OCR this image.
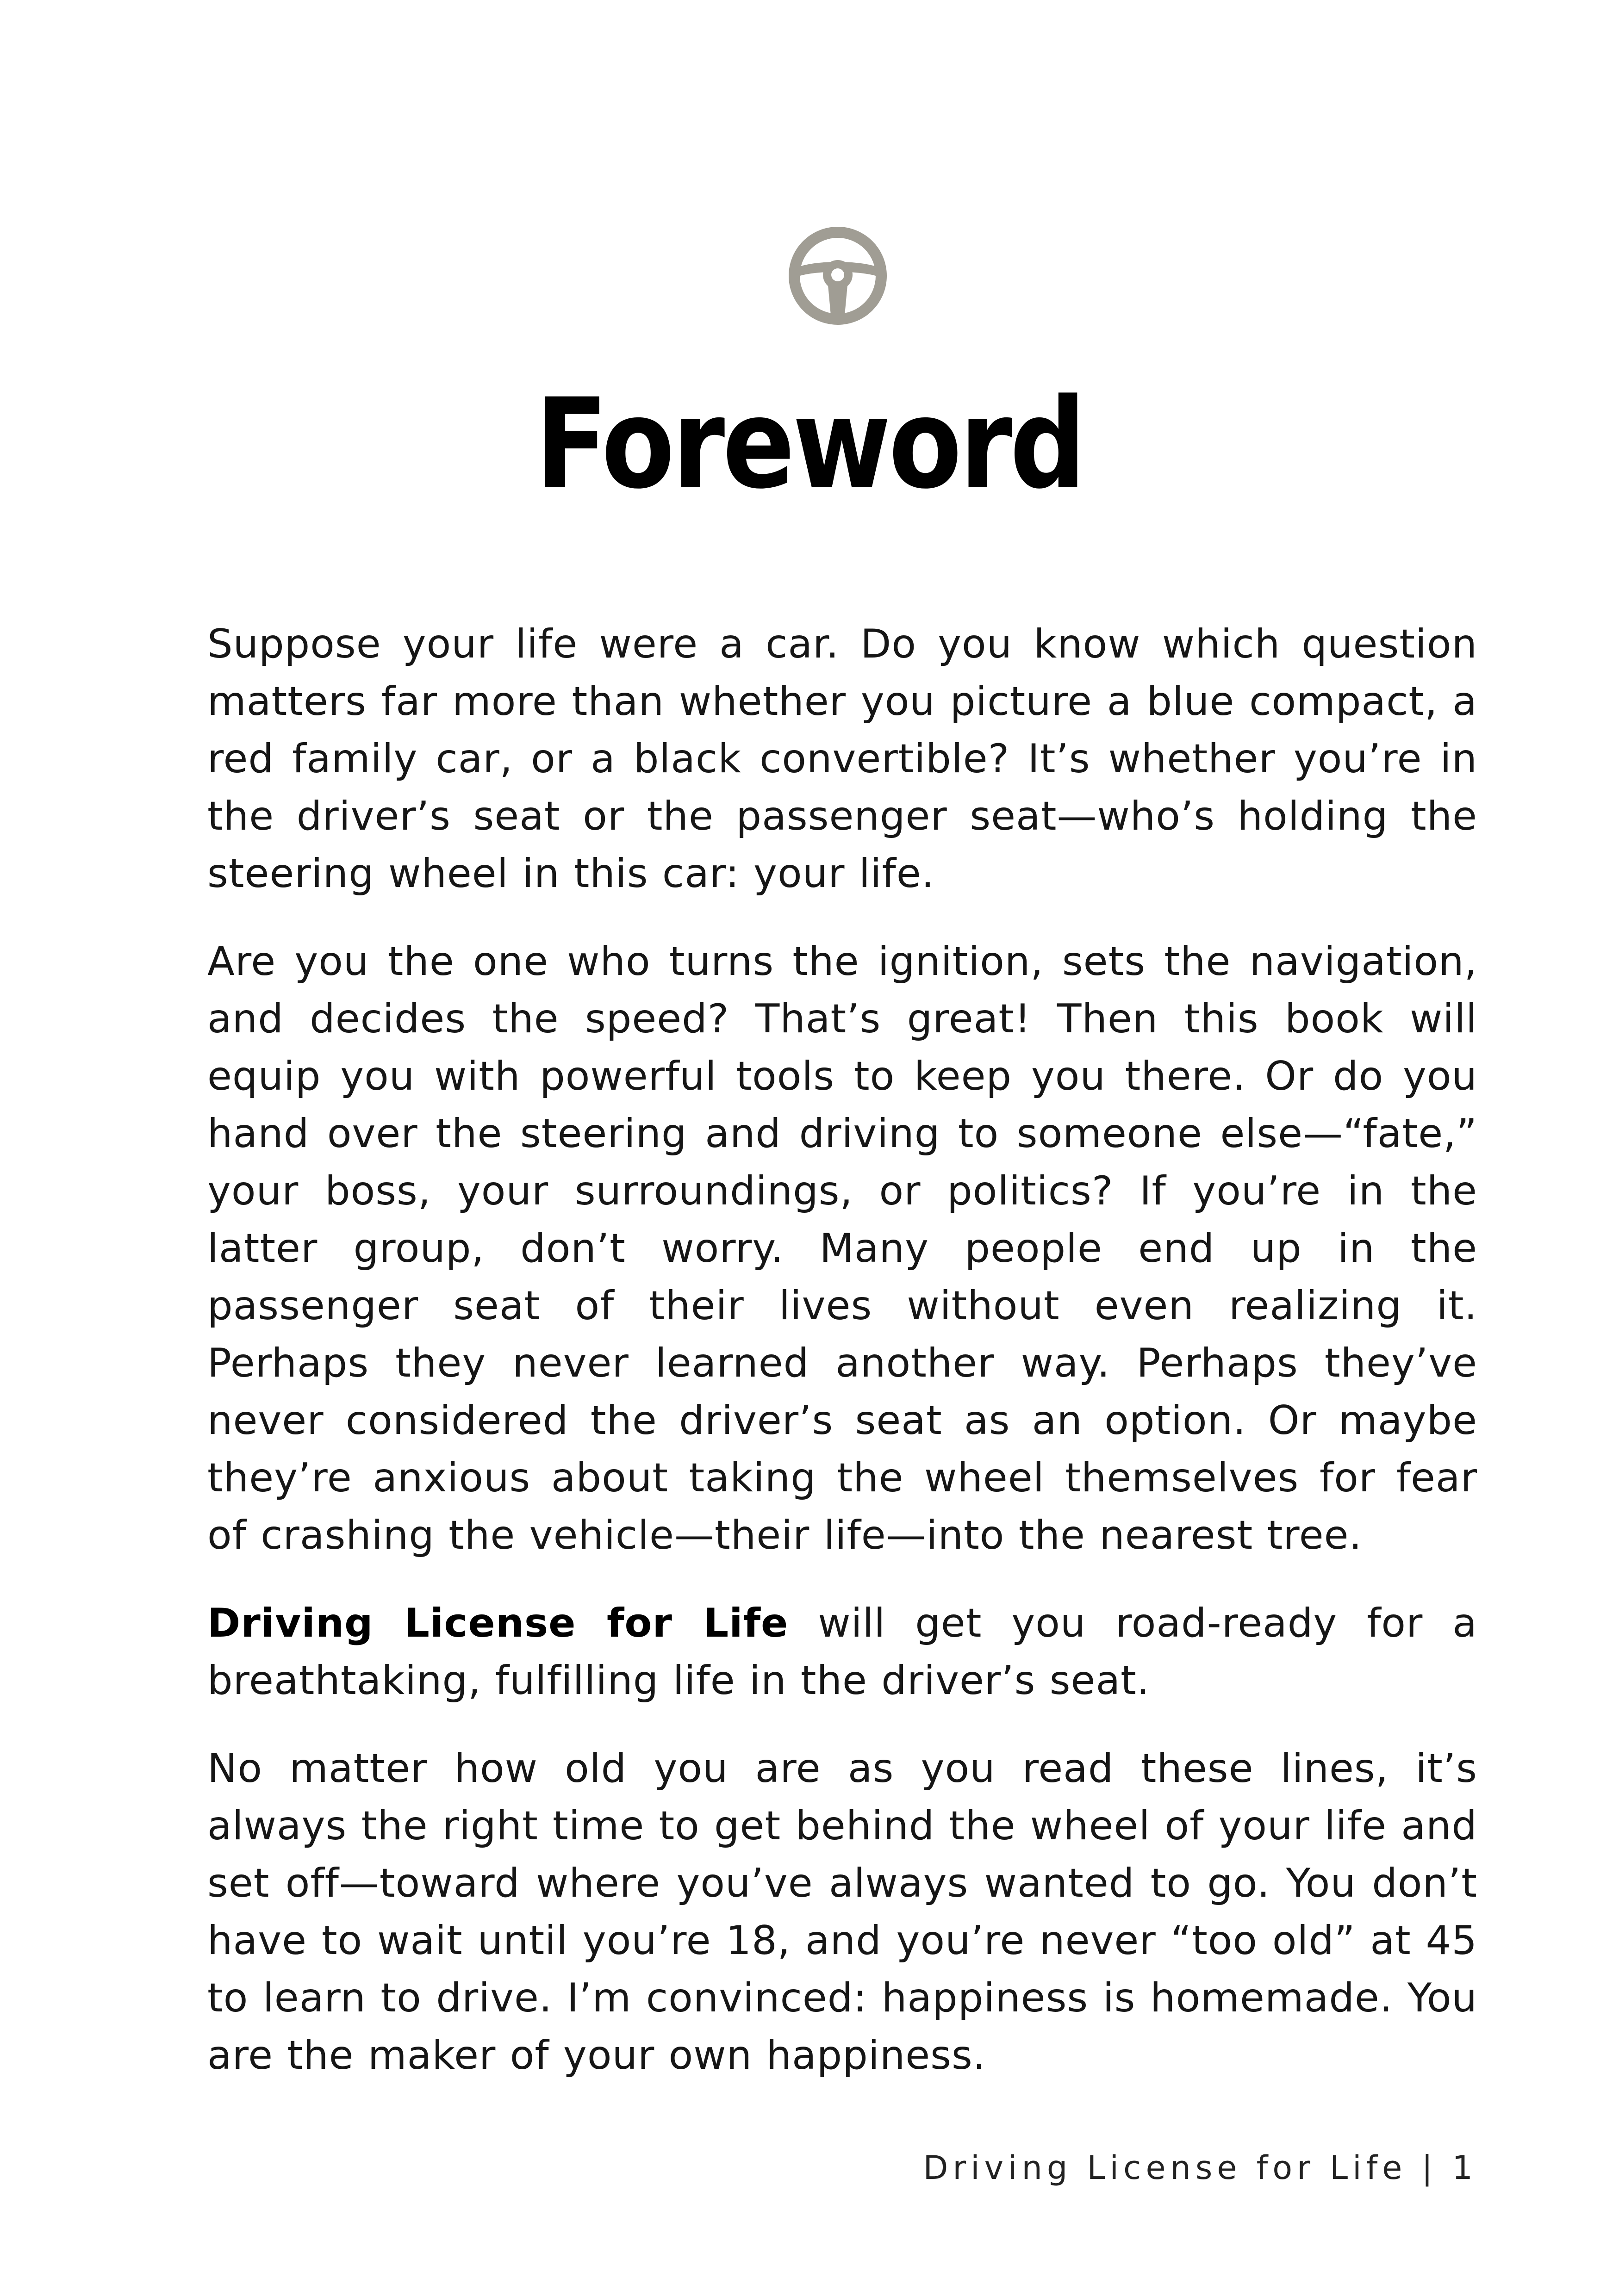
Foreword

Suppose your life were a car. Do you know which question matters far more than whether you picture a blue compact, a red family car, or a black convertible? It’s whether you’re in the driver’s seat or the passenger seat—who’s holding the steering wheel in this car: your life.

Are you the one who turns the ignition, sets the navigation, and decides the speed? That’s great! Then this book will equip you with powerful tools to keep you there. Or do you hand over the steering and driving to someone else—“fate,” your boss, your surroundings, or politics? If you’re in the latter group, don’t worry. Many people end up in the passenger seat of their lives without even realizing it. Perhaps they never learned another way. Perhaps they’ve never considered the driver’s seat as an option. Or maybe they’re anxious about taking the wheel themselves for fear of crashing the vehicle—their life—into the nearest tree.

Driving License for Life will get you road-ready for a breathtaking, fulfilling life in the driver’s seat.

No matter how old you are as you read these lines, it’s always the right time to get behind the wheel of your life and set off—toward where you’ve always wanted to go. You don’t have to wait until you’re 18, and you’re never “too old” at 45 to learn to drive. I’m convinced: happiness is homemade. You are the maker of your own happiness.

Driving License for Life | 1
